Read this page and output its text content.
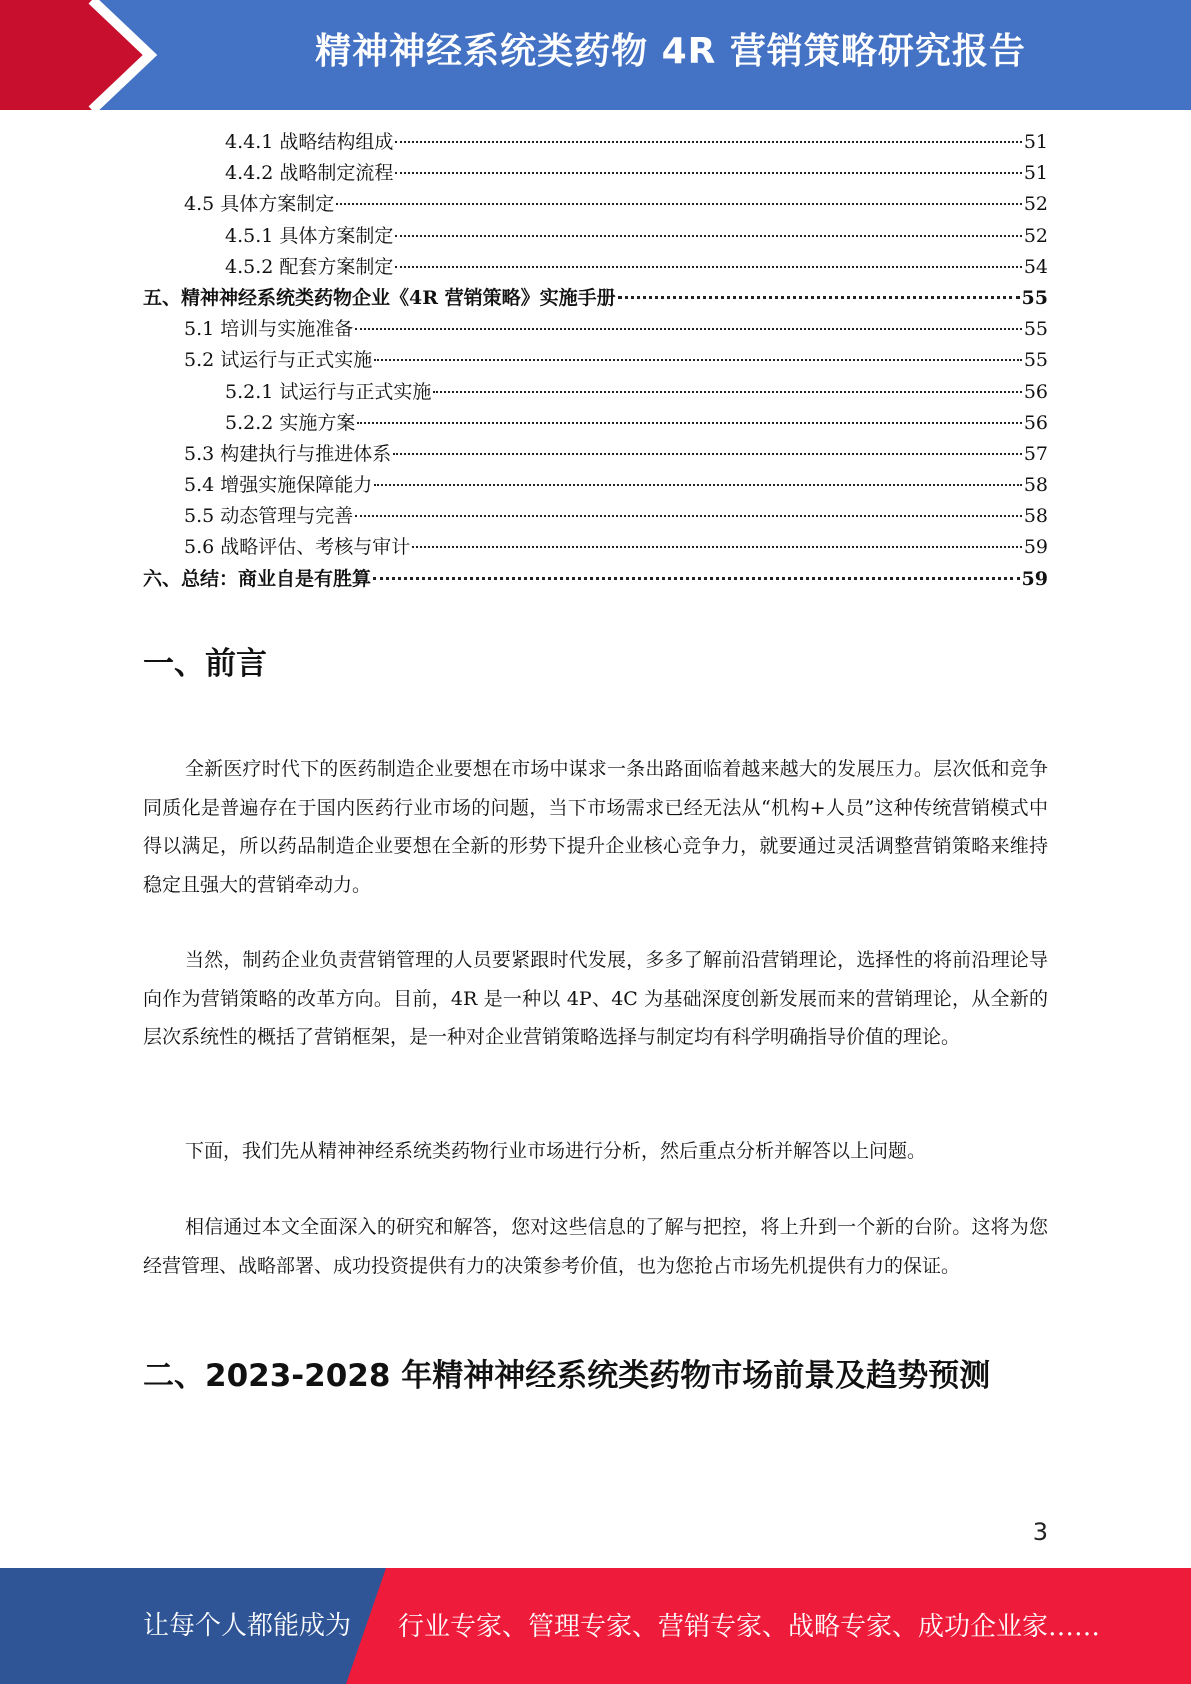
精神神经系统类药物 4R 营销策略研究报告
4.4.1 战略结构组成	51
4.4.2 战略制定流程	51
4.5 具体方案制定	52
4.5.1 具体方案制定	52
4.5.2 配套方案制定	54
五、精神神经系统类药物企业《4R 营销策略》实施手册	55
5.1 培训与实施准备	55
5.2 试运行与正式实施	55
5.2.1 试运行与正式实施	56
5.2.2 实施方案	56
5.3 构建执行与推进体系	57
5.4 增强实施保障能力	58
5.5 动态管理与完善	58
5.6 战略评估、考核与审计	59
六、总结：商业自是有胜算	59
一、前言

全新医疗时代下的医药制造企业要想在市场中谋求一条出路面临着越来越大的发展压力。层次低和竞争同质化是普遍存在于国内医药行业市场的问题，当下市场需求已经无法从“机构+人员”这种传统营销模式中得以满足，所以药品制造企业要想在全新的形势下提升企业核心竞争力，就要通过灵活调整营销策略来维持稳定且强大的营销牵动力。

当然，制药企业负责营销管理的人员要紧跟时代发展，多多了解前沿营销理论，选择性的将前沿理论导向作为营销策略的改革方向。目前，4R 是一种以 4P、4C 为基础深度创新发展而来的营销理论，从全新的层次系统性的概括了营销框架，是一种对企业营销策略选择与制定均有科学明确指导价值的理论。

下面，我们先从精神神经系统类药物行业市场进行分析，然后重点分析并解答以上问题。

相信通过本文全面深入的研究和解答，您对这些信息的了解与把控，将上升到一个新的台阶。这将为您经营管理、战略部署、成功投资提供有力的决策参考价值，也为您抢占市场先机提供有力的保证。

二、2023-2028 年精神神经系统类药物市场前景及趋势预测
3
让每个人都能成为 行业专家、管理专家、营销专家、战略专家、成功企业家……
